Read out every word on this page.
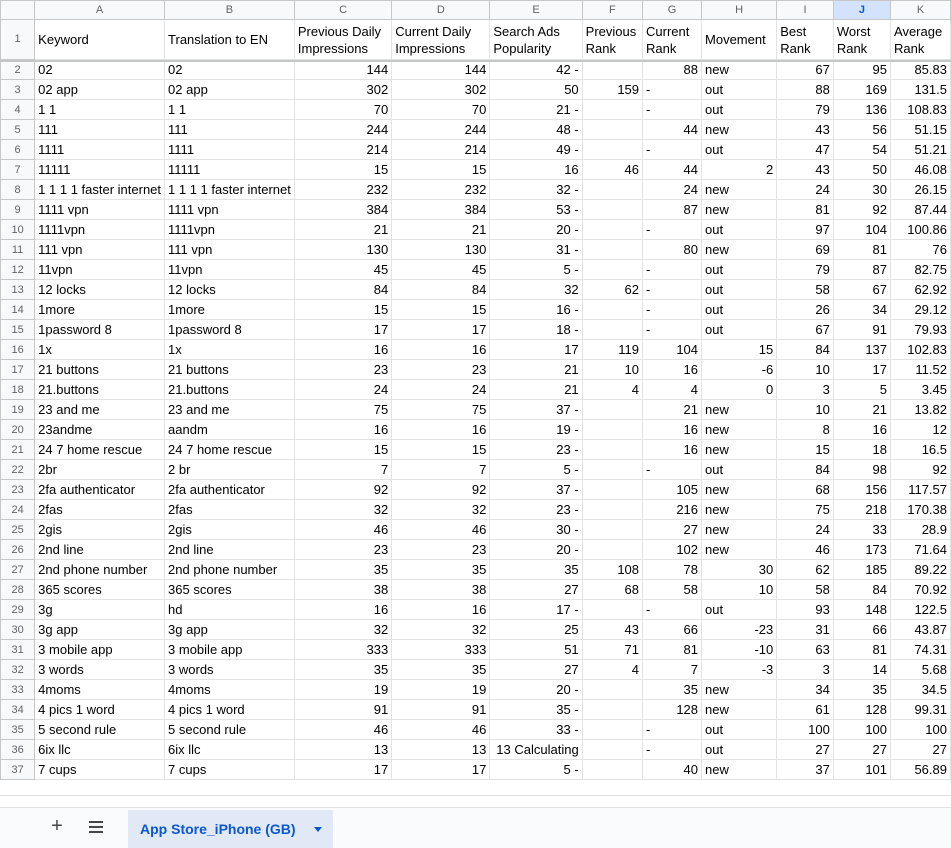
	A	B	C	D	E	F	G	H	I	J	K
1	Keyword	Translation to EN	Previous Daily Impressions	Current Daily Impressions	Search Ads Popularity	Previous Rank	Current Rank	Movement	Best Rank	Worst Rank	Average Rank
2	02	02	144	144	42 -		88	new	67	95	85.83
3	02 app	02 app	302	302	50	159	-	out	88	169	131.5
4	1 1	1 1	70	70	21 -		-	out	79	136	108.83
5	111	111	244	244	48 -		44	new	43	56	51.15
6	1111	1111	214	214	49 -		-	out	47	54	51.21
7	11111	11111	15	15	16	46	44	2	43	50	46.08
8	1 1 1 1 faster internet	1 1 1 1 faster internet	232	232	32 -		24	new	24	30	26.15
9	1111 vpn	1111 vpn	384	384	53 -		87	new	81	92	87.44
10	1111vpn	1111vpn	21	21	20 -		-	out	97	104	100.86
11	111 vpn	111 vpn	130	130	31 -		80	new	69	81	76
12	11vpn	11vpn	45	45	5 -		-	out	79	87	82.75
13	12 locks	12 locks	84	84	32	62	-	out	58	67	62.92
14	1more	1more	15	15	16 -		-	out	26	34	29.12
15	1password 8	1password 8	17	17	18 -		-	out	67	91	79.93
16	1x	1x	16	16	17	119	104	15	84	137	102.83
17	21 buttons	21 buttons	23	23	21	10	16	-6	10	17	11.52
18	21.buttons	21.buttons	24	24	21	4	4	0	3	5	3.45
19	23 and me	23 and me	75	75	37 -		21	new	10	21	13.82
20	23andme	aandm	16	16	19 -		16	new	8	16	12
21	24 7 home rescue	24 7 home rescue	15	15	23 -		16	new	15	18	16.5
22	2br	2 br	7	7	5 -		-	out	84	98	92
23	2fa authenticator	2fa authenticator	92	92	37 -		105	new	68	156	117.57
24	2fas	2fas	32	32	23 -		216	new	75	218	170.38
25	2gis	2gis	46	46	30 -		27	new	24	33	28.9
26	2nd line	2nd line	23	23	20 -		102	new	46	173	71.64
27	2nd phone number	2nd phone number	35	35	35	108	78	30	62	185	89.22
28	365 scores	365 scores	38	38	27	68	58	10	58	84	70.92
29	3g	hd	16	16	17 -		-	out	93	148	122.5
30	3g app	3g app	32	32	25	43	66	-23	31	66	43.87
31	3 mobile app	3 mobile app	333	333	51	71	81	-10	63	81	74.31
32	3 words	3 words	35	35	27	4	7	-3	3	14	5.68
33	4moms	4moms	19	19	20 -		35	new	34	35	34.5
34	4 pics 1 word	4 pics 1 word	91	91	35 -		128	new	61	128	99.31
35	5 second rule	5 second rule	46	46	33 -		-	out	100	100	100
36	6ix llc	6ix llc	13	13	13 Calculating		-	out	27	27	27
37	7 cups	7 cups	17	17	5 -		40	new	37	101	56.89
+	App Store_iPhone (GB)
